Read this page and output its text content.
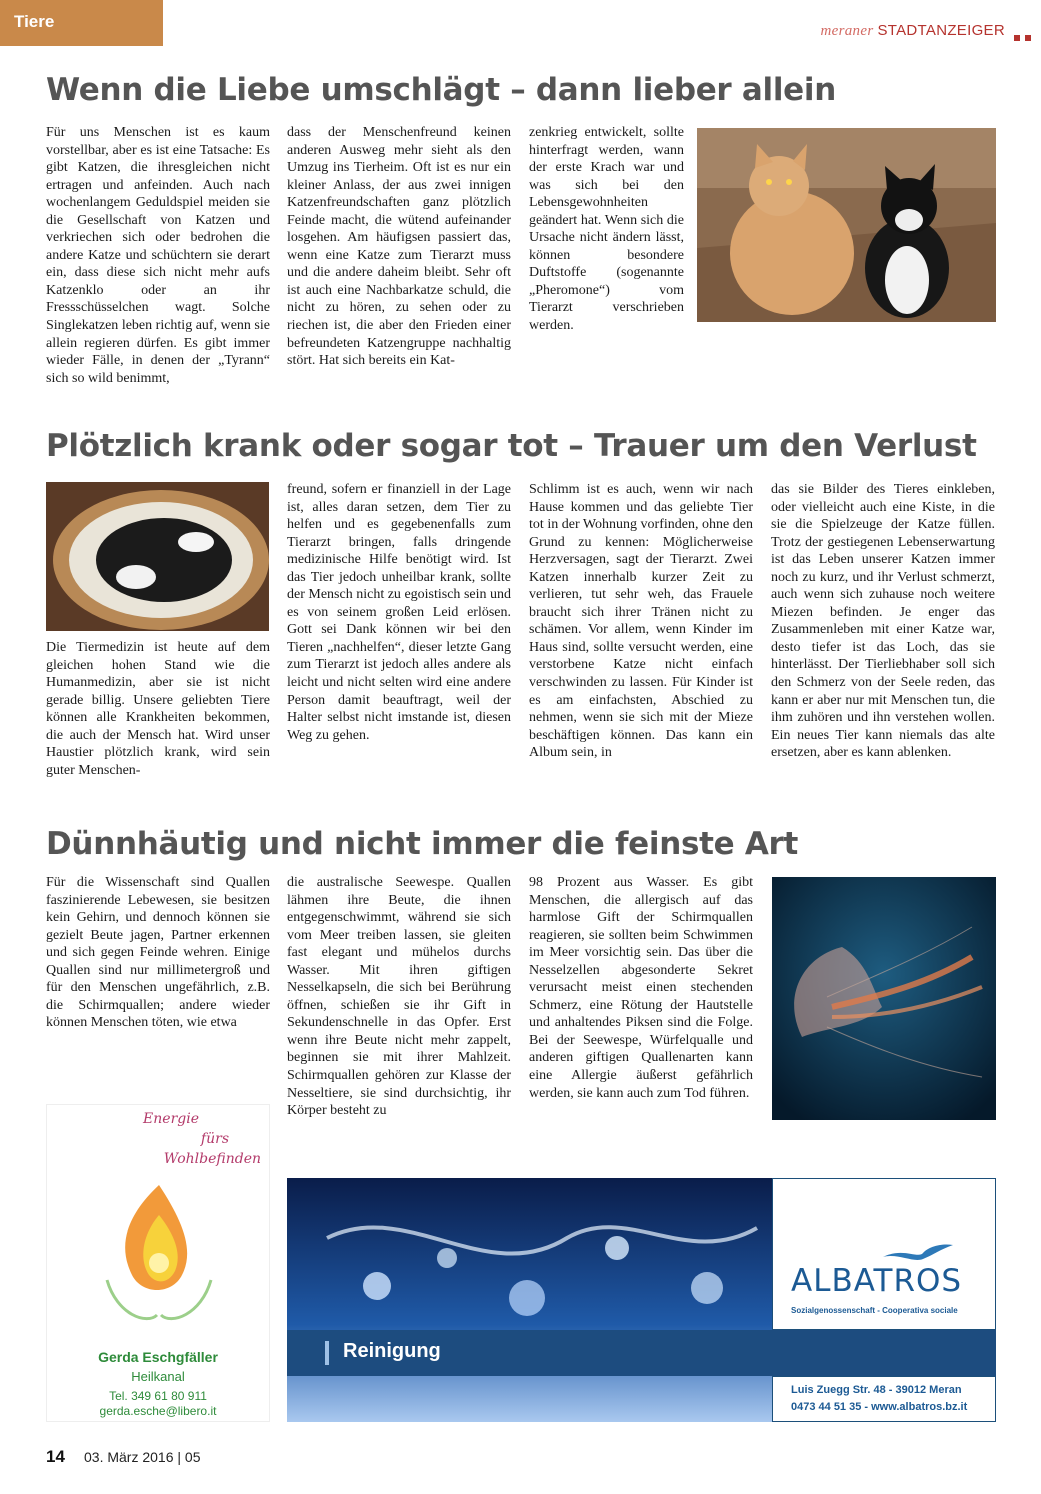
Tiere	meraner STADTANZEIGER
Wenn die Liebe umschlägt – dann lieber allein
Für uns Menschen ist es kaum vorstellbar, aber es ist eine Tatsache: Es gibt Katzen, die ihresgleichen nicht ertragen und anfeinden. Auch nach wochenlangem Geduldspiel meiden sie die Gesellschaft von Katzen und verkriechen sich oder bedrohen die andere Katze und schüchtern sie derart ein, dass diese sich nicht mehr aufs Katzenklo oder an ihr Fressschüsselchen wagt. Solche Singlekatzen leben richtig auf, wenn sie allein regieren dürfen. Es gibt immer wieder Fälle, in denen der „Tyrann“ sich so wild benimmt,
dass der Menschenfreund keinen anderen Ausweg mehr sieht als den Umzug ins Tierheim. Oft ist es nur ein kleiner Anlass, der aus zwei innigen Katzenfreundschaften ganz plötzlich Feinde macht, die wütend aufeinander losgehen. Am häufigsen passiert das, wenn eine Katze zum Tierarzt muss und die andere daheim bleibt. Sehr oft ist auch eine Nachbarkatze schuld, die nicht zu hören, zu sehen oder zu riechen ist, die aber den Frieden einer befreundeten Katzengruppe nachhaltig stört. Hat sich bereits ein Kat-
zenkrieg entwickelt, sollte hinterfragt werden, wann der erste Krach war und was sich bei den Lebensgewohnheiten geändert hat. Wenn sich die Ursache nicht ändern lässt, können besondere Duftstoffe (sogenannte „Pheromone“) vom Tierarzt verschrieben werden.
Plötzlich krank oder sogar tot – Trauer um den Verlust
Die Tiermedizin ist heute auf dem gleichen hohen Stand wie die Humanmedizin, aber sie ist nicht gerade billig. Unsere geliebten Tiere können alle Krankheiten bekommen, die auch der Mensch hat. Wird unser Haustier plötzlich krank, wird sein guter Menschen-
freund, sofern er finanziell in der Lage ist, alles daran setzen, dem Tier zu helfen und es gegebenenfalls zum Tierarzt bringen, falls dringende medizinische Hilfe benötigt wird. Ist das Tier jedoch unheilbar krank, sollte der Mensch nicht zu egoistisch sein und es von seinem großen Leid erlösen. Gott sei Dank können wir bei den Tieren „nachhelfen“, dieser letzte Gang zum Tierarzt ist jedoch alles andere als leicht und nicht selten wird eine andere Person damit beauftragt, weil der Halter selbst nicht imstande ist, diesen Weg zu gehen.
Schlimm ist es auch, wenn wir nach Hause kommen und das geliebte Tier tot in der Wohnung vorfinden, ohne den Grund zu kennen: Möglicherweise Herzversagen, sagt der Tierarzt. Zwei Katzen innerhalb kurzer Zeit zu verlieren, tut sehr weh, das Frauele braucht sich ihrer Tränen nicht zu schämen. Vor allem, wenn Kinder im Haus sind, sollte versucht werden, eine verstorbene Katze nicht einfach verschwinden zu lassen. Für Kinder ist es am einfachsten, Abschied zu nehmen, wenn sie sich mit der Mieze beschäftigen können. Das kann ein Album sein, in
das sie Bilder des Tieres einkleben, oder vielleicht auch eine Kiste, in die sie die Spielzeuge der Katze füllen. Trotz der gestiegenen Lebenserwartung ist das Leben unserer Katzen immer noch zu kurz, und ihr Verlust schmerzt, auch wenn sich zuhause noch weitere Miezen befinden. Je enger das Zusammenleben mit einer Katze war, desto tiefer ist das Loch, das sie hinterlässt. Der Tierliebhaber soll sich den Schmerz von der Seele reden, das kann er aber nur mit Menschen tun, die ihm zuhören und ihn verstehen wollen. Ein neues Tier kann niemals das alte ersetzen, aber es kann ablenken.
Dünnhäutig und nicht immer die feinste Art
Für die Wissenschaft sind Quallen faszinierende Lebewesen, sie besitzen kein Gehirn, und dennoch können sie gezielt Beute jagen, Partner erkennen und sich gegen Feinde wehren. Einige Quallen sind nur millimetergroß und für den Menschen ungefährlich, z.B. die Schirmquallen; andere wieder können Menschen töten, wie etwa
die australische Seewespe. Quallen lähmen ihre Beute, die ihnen entgegenschwimmt, während sie sich vom Meer treiben lassen, sie gleiten fast elegant und mühelos durchs Wasser. Mit ihren giftigen Nesselkapseln, die sich bei Berührung öffnen, schießen sie ihr Gift in Sekundenschnelle in das Opfer. Erst wenn ihre Beute nicht mehr zappelt, beginnen sie mit ihrer Mahlzeit. Schirmquallen gehören zur Klasse der Nesseltiere, sie sind durchsichtig, ihr Körper besteht zu
98 Prozent aus Wasser. Es gibt Menschen, die allergisch auf das harmlose Gift der Schirmquallen reagieren, sie sollten beim Schwimmen im Meer vorsichtig sein. Das über die Nesselzellen abgesonderte Sekret verursacht meist einen stechenden Schmerz, eine Rötung der Hautstelle und anhaltendes Piksen sind die Folge. Bei der Seewespe, Würfelqualle und anderen giftigen Quallenarten kann eine Allergie äußerst gefährlich werden, sie kann auch zum Tod führen.
Energie
fürs
Wohlbefinden
Gerda Eschgfäller
Heilkanal
Tel. 349 61 80 911
gerda.esche@libero.it
Reinigung
ALBATROS
Sozialgenossenschaft - Cooperativa sociale
Luis Zuegg Str. 48 - 39012 Meran
0473 44 51 35 - www.albatros.bz.it
14 03. März 2016 | 05
